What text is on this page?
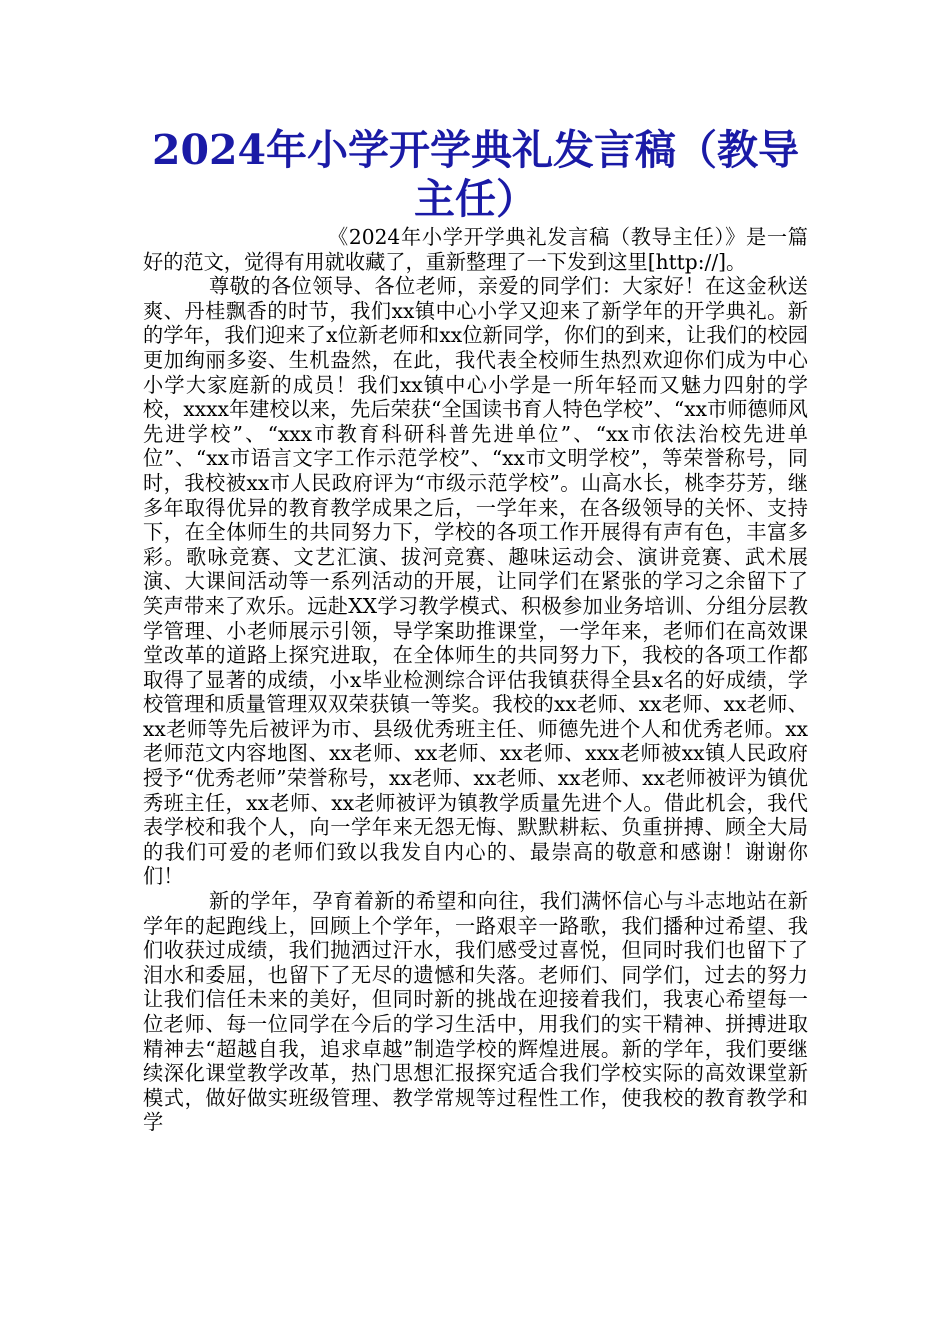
2024年小学开学典礼发言稿（教导主任）

《2024年小学开学典礼发言稿（教导主任）》是一篇好的范文，觉得有用就收藏了，重新整理了一下发到这里[http://]。

尊敬的各位领导、各位老师，亲爱的同学们：大家好！在这金秋送爽、丹桂飘香的时节，我们xx镇中心小学又迎来了新学年的开学典礼。新的学年，我们迎来了x位新老师和xx位新同学，你们的到来，让我们的校园更加绚丽多姿、生机盎然，在此，我代表全校师生热烈欢迎你们成为中心小学大家庭新的成员！我们xx镇中心小学是一所年轻而又魅力四射的学校，xxxx年建校以来，先后荣获“全国读书育人特色学校”、“xx市师德师风先进学校”、“xxx市教育科研科普先进单位”、“xx市依法治校先进单位”、“xx市语言文字工作示范学校”、“xx市文明学校”，等荣誉称号，同时，我校被xx市人民政府评为“市级示范学校”。山高水长，桃李芬芳，继多年取得优异的教育教学成果之后，一学年来，在各级领导的关怀、支持下，在全体师生的共同努力下，学校的各项工作开展得有声有色，丰富多彩。歌咏竞赛、文艺汇演、拔河竞赛、趣味运动会、演讲竞赛、武术展演、大课间活动等一系列活动的开展，让同学们在紧张的学习之余留下了笑声带来了欢乐。远赴XX学习教学模式、积极参加业务培训、分组分层教学管理、小老师展示引领，导学案助推课堂，一学年来，老师们在高效课堂改革的道路上探究进取，在全体师生的共同努力下，我校的各项工作都取得了显著的成绩，小x毕业检测综合评估我镇获得全县x名的好成绩，学校管理和质量管理双双荣获镇一等奖。我校的xx老师、xx老师、xx老师、xx老师等先后被评为市、县级优秀班主任、师德先进个人和优秀老师。xx老师范文内容地图、xx老师、xx老师、xx老师、xxx老师被xx镇人民政府授予“优秀老师”荣誉称号，xx老师、xx老师、xx老师、xx老师被评为镇优秀班主任，xx老师、xx老师被评为镇教学质量先进个人。借此机会，我代表学校和我个人，向一学年来无怨无悔、默默耕耘、负重拼搏、顾全大局的我们可爱的老师们致以我发自内心的、最崇高的敬意和感谢！谢谢你们！

新的学年，孕育着新的希望和向往，我们满怀信心与斗志地站在新学年的起跑线上，回顾上个学年，一路艰辛一路歌，我们播种过希望、我们收获过成绩，我们抛洒过汗水，我们感受过喜悦，但同时我们也留下了泪水和委屈，也留下了无尽的遗憾和失落。老师们、同学们，过去的努力让我们信任未来的美好，但同时新的挑战在迎接着我们，我衷心希望每一位老师、每一位同学在今后的学习生活中，用我们的实干精神、拼搏进取精神去“超越自我，追求卓越”制造学校的辉煌进展。新的学年，我们要继续深化课堂教学改革，热门思想汇报探究适合我们学校实际的高效课堂新模式，做好做实班级管理、教学常规等过程性工作，使我校的教育教学和学
